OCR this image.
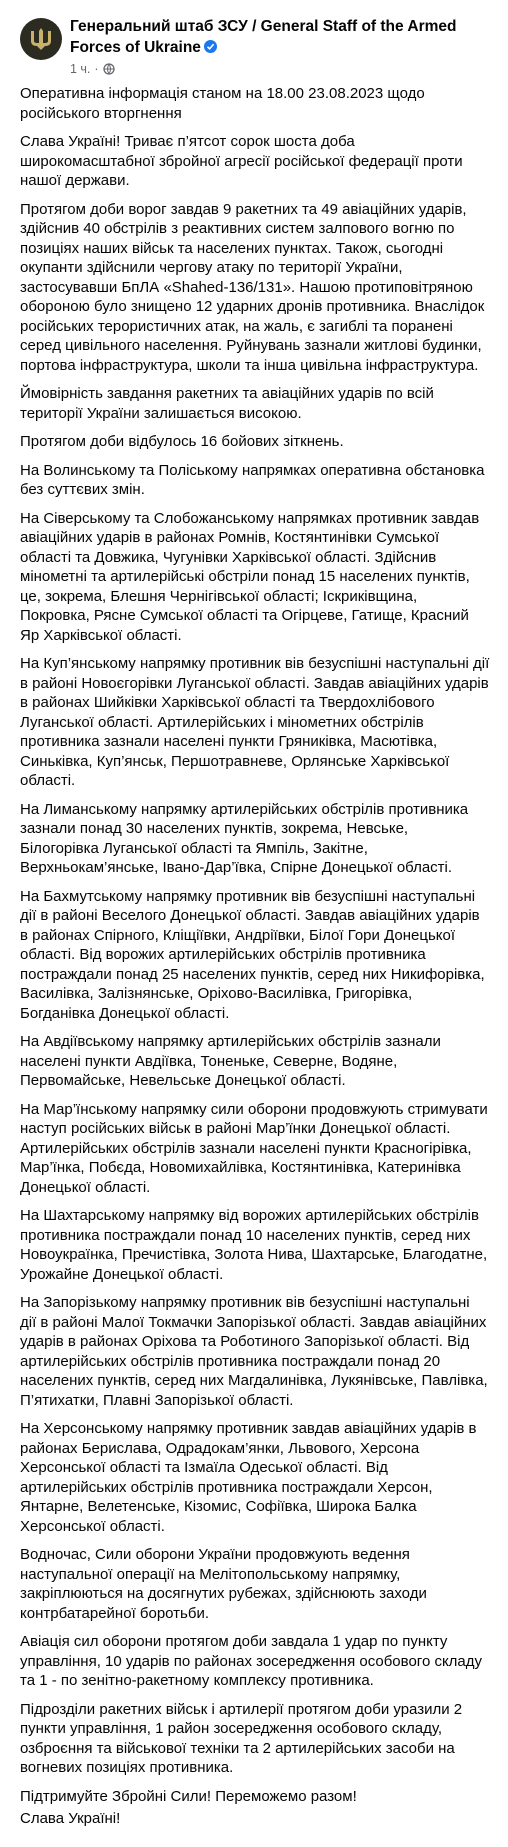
Генеральний штаб ЗСУ / General Staff of the Armed Forces of Ukraine
1 ч. ·

Оперативна інформація станом на 18.00 23.08.2023 щодо російського вторгнення

Слава Україні! Триває п’ятсот сорок шоста доба широкомасштабної збройної агресії російської федерації проти нашої держави.

Протягом доби ворог завдав 9 ракетних та 49 авіаційних ударів, здійснив 40 обстрілів з реактивних систем залпового вогню по позиціях наших військ та населених пунктах. Також, сьогодні окупанти здійснили чергову атаку по території України, застосувавши БпЛА «Shahed-136/131». Нашою протиповітряною обороною було знищено 12 ударних дронів противника. Внаслідок російських терористичних атак, на жаль, є загиблі та поранені серед цивільного населення. Руйнувань зазнали житлові будинки, портова інфраструктура, школи та інша цивільна інфраструктура.

Ймовірність завдання ракетних та авіаційних ударів по всій території України залишається високою.

Протягом доби відбулось 16 бойових зіткнень.

На Волинському та Поліському напрямках оперативна обстановка без суттєвих змін.

На Сіверському та Слобожанському напрямках противник завдав авіаційних ударів в районах Ромнів, Костянтинівки Сумської області та Довжика, Чугунівки Харківської області. Здійснив мінометні та артилерійські обстріли понад 15 населених пунктів, це, зокрема, Блешня Чернігівської області; Іскриківщина, Покровка, Рясне Сумської області та Огірцеве, Гатище, Красний Яр Харківської області.

На Куп’янському напрямку противник вів безуспішні наступальні дії в районі Новоєгорівки Луганської області. Завдав авіаційних ударів в районах Шийківки Харківської області та Твердохлібового Луганської області. Артилерійських і мінометних обстрілів противника зазнали населені пункти Гряниківка, Масютівка, Синьківка, Куп’янськ, Першотравневе, Орлянське Харківської області.

На Лиманському напрямку артилерійських обстрілів противника зазнали понад 30 населених пунктів, зокрема, Невське, Білогорівка Луганської області та Ямпіль, Закітне, Верхньокам’янське, Івано-Дар’ївка, Спірне Донецької області.

На Бахмутському напрямку противник вів безуспішні наступальні дії в районі Веселого Донецької області. Завдав авіаційних ударів в районах Спірного, Кліщіївки, Андріївки, Білої Гори Донецької області. Від ворожих артилерійських обстрілів противника постраждали понад 25 населених пунктів, серед них Никифорівка, Василівка, Залізнянське, Оріхово-Василівка, Григорівка, Богданівка Донецької області.

На Авдіївському напрямку артилерійських обстрілів зазнали населені пункти Авдіївка, Тоненьке, Северне, Водяне, Первомайське, Невельське Донецької області.

На Мар’їнському напрямку сили оборони продовжують стримувати наступ російських військ в районі Мар’їнки Донецької області. Артилерійських обстрілів зазнали населені пункти Красногірівка, Мар’їнка, Побєда, Новомихайлівка, Костянтинівка, Катеринівка Донецької області.

На Шахтарському напрямку від ворожих артилерійських обстрілів противника постраждали понад 10 населених пунктів, серед них Новоукраїнка, Пречистівка, Золота Нива, Шахтарське, Благодатне, Урожайне Донецької області.

На Запорізькому напрямку противник вів безуспішні наступальні дії в районі Малої Токмачки Запорізької області. Завдав авіаційних ударів в районах Оріхова та Роботиного Запорізької області. Від артилерійських обстрілів противника постраждали понад 20 населених пунктів, серед них Магдалинівка, Лукянівське, Павлівка, П’ятихатки, Плавні Запорізької області.

На Херсонському напрямку противник завдав авіаційних ударів в районах Берислава, Одрадокам’янки, Львового, Херсона Херсонської області та Ізмаїла Одеської області. Від артилерійських обстрілів противника постраждали Херсон, Янтарне, Велетенське, Кізомис, Софіївка, Широка Балка Херсонської області.

Водночас, Сили оборони України продовжують ведення наступальної операції на Мелітопольському напрямку, закріплюються на досягнутих рубежах, здійснюють заходи контрбатарейної боротьби.

Авіація сил оборони протягом доби завдала 1 удар по пункту управління, 10 ударів по районах зосередження особового складу та 1 - по зенітно-ракетному комплексу противника.

Підрозділи ракетних військ і артилерії протягом доби уразили 2 пункти управління, 1 район зосередження особового складу, озброєння та військової техніки та 2 артилерійських засоби на вогневих позиціях противника.

Підтримуйте Збройні Сили! Переможемо разом!

Слава Україні!
